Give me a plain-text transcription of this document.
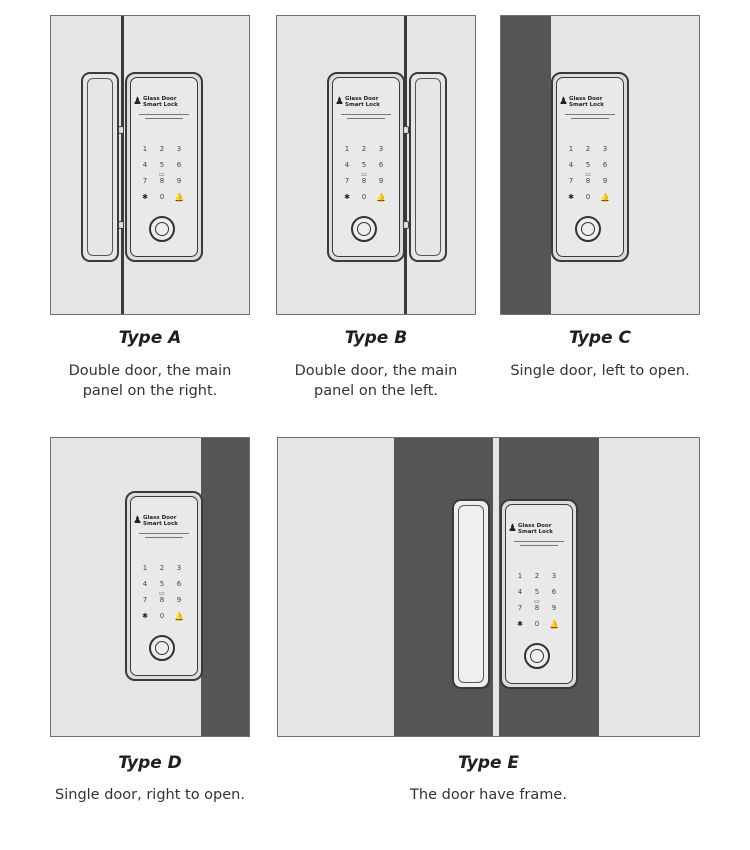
♟ Glass Door
Smart Lock
1	2	3
4	5	6
7	8	9
✱	0	🔔
▭
Type A
Double door, the main panel on the right.
♟ Glass Door
Smart Lock
1	2	3
4	5	6
7	8	9
✱	0	🔔
▭
Type B
Double door, the main panel on the left.
♟ Glass Door
Smart Lock
1	2	3
4	5	6
7	8	9
✱	0	🔔
▭
Type C
Single door, left to open.
♟ Glass Door
Smart Lock
1	2	3
4	5	6
7	8	9
✱	0	🔔
▭
Type D
Single door, right to open.
♟ Glass Door
Smart Lock
1	2	3
4	5	6
7	8	9
✱	0	🔔
▭
Type E
The door have frame.
